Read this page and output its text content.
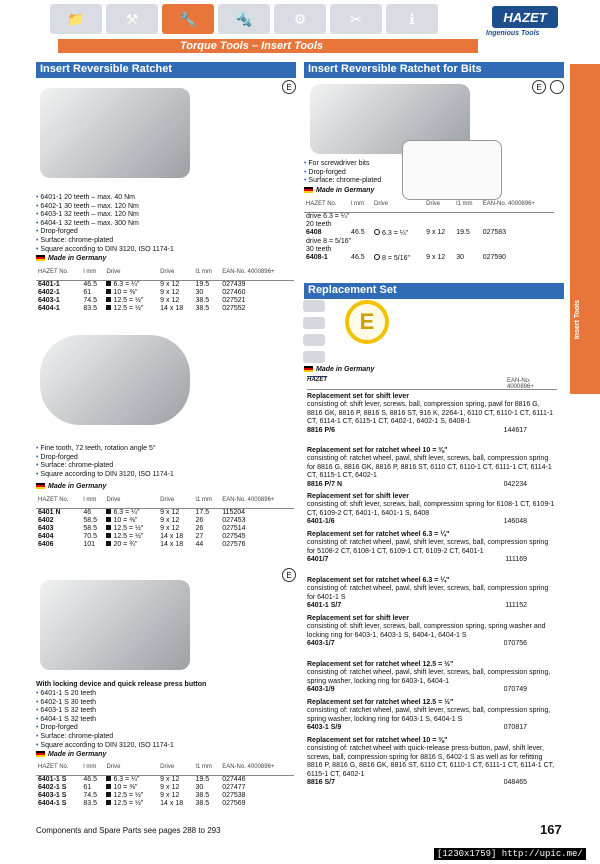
📁	⚒	🔧	🔩	⚙	✂	ℹ	HAZET
Ingenious Tools
Torque Tools – Insert Tools
Insert Tools
Insert Reversible Ratchet
E
• 6401-1 20 teeth – max. 40 Nm
• 6402-1 30 teeth – max. 120 Nm
• 6403-1 32 teeth – max. 120 Nm
• 6404-1 32 teeth – max. 300 Nm
• Drop-forged
• Surface: chrome-plated
• Square according to DIN 3120, ISO 1174-1
Made in Germany
HAZET No.	l mm	Drive	Drive	l1 mm	EAN-No. 4000896+
6401-1	46.5	6.3 = ¼"	9 x 12	19.5	027439
6402-1	61	10 = ⅜"	9 x 12	30	027460
6403-1	74.5	12.5 = ½"	9 x 12	38.5	027521
6404-1	83.5	12.5 = ½"	14 x 18	38.5	027552
• Fine tooth, 72 teeth, rotation angle 5°
• Drop-forged
• Surface: chrome-plated
• Square according to DIN 3120, ISO 1174-1
Made in Germany
HAZET No.	l mm	Drive	Drive	l1 mm	EAN-No. 4000896+
6401 N	46	6.3 = ¼"	9 x 12	17.5	115204
6402	58.5	10 = ⅜"	9 x 12	26	027453
6403	58.5	12.5 = ½"	9 x 12	26	027514
6404	70.5	12.5 = ½"	14 x 18	27	027545
6406	101	20 = ¾"	14 x 18	44	027576
E
With locking device and quick release press button
• 6401-1 S 20 teeth
• 6402-1 S 30 teeth
• 6403-1 S 32 teeth
• 6404-1 S 32 teeth
• Drop-forged
• Surface: chrome-plated
• Square according to DIN 3120, ISO 1174-1
Made in Germany
HAZET No.	l mm	Drive	Drive	l1 mm	EAN-No. 4000896+
6401-1 S	46.5	6.3 = ¼"	9 x 12	19.5	027446
6402-1 S	61	10 = ⅜"	9 x 12	30	027477
6403-1 S	74.5	12.5 = ½"	9 x 12	38.5	027538
6404-1 S	83.5	12.5 = ½"	14 x 18	38.5	027569
Insert Reversible Ratchet for Bits
E
• For screwdriver bits
• Drop-forged
• Surface: chrome-plated
Made in Germany
HAZET No.	l mm	Drive	Drive	l1 mm	EAN-No. 4000896+

drive 6.3 = ¼"
20 teeth					

6408	46.5	6.3 = ¼"	9 x 12	19.5	027583

drive 8 = 5/16"
30 teeth					

6408-1	46.5	8 = 5/16"	9 x 12	30	027590
Replacement Set
E
Made in Germany
HAZET	EAN-No. 4000896+
Replacement set for shift lever
consisting of: shift lever, screws, ball, compression spring, pawl for 8816 G, 8816 GK, 8816 P, 8816 S, 8816 ST, 916 K, 2264-1, 6110 CT, 6110-1 CT, 6111-1 CT, 6114-1 CT, 6115-1 CT, 6402-1, 6402-1 S, 6408-1
8816 P/6	144617
Replacement set for ratchet wheel 10 = ⅜"
consisting of: ratchet wheel, pawl, shift lever, screws, ball, compression spring for 8816 G, 8816 GK, 8816 P, 8816 ST, 6110 CT, 6110-1 CT, 6111-1 CT, 6114-1 CT, 6115-1 CT, 6402-1
8816 P/7 N	042234
Replacement set for shift lever
consisting of: shift lever, screws, ball, compression spring for 6108-1 CT, 6109-1 CT, 6109-2 CT, 6401-1, 6401-1 S, 6408
6401-1/6	146048
Replacement set for ratchet wheel 6.3 = ¼"
consisting of: ratchet wheel, pawl, shift lever, screws, ball, compression spring for 5108-2 CT, 6108-1 CT, 6109-1 CT, 6109-2 CT, 6401-1
6401/7	111169
Replacement set for ratchet wheel 6.3 = ¼"
consisting of: ratchet wheel, pawl, shift lever, screws, ball, compression spring for 6401-1 S
6401-1 S/7	111152
Replacement set for shift lever
consisting of: shift lever, screws, ball, compression spring, spring washer and locking ring for 6403-1, 6403-1 S, 6404-1, 6404-1 S
6403-1/7	070756
Replacement set for ratchet wheel 12.5 = ½"
consisting of: ratchet wheel, pawl, shift lever, screws, ball, compression spring, spring washer, locking ring for 6403-1, 6404-1
6403-1/9	070749
Replacement set for ratchet wheel 12.5 = ½"
consisting of: ratchet wheel, pawl, shift lever, screws, ball, compression spring, spring washer, locking ring for 6403-1 S, 6404-1 S
6403-1 S/9	070817
Replacement set for ratchet wheel 10 = ⅜"
consisting of: ratchet wheel with quick-release press-button, pawl, shift lever, screws, ball, compression spring for 8816 S, 6402-1 S as well as for refitting 8816 P, 8816 G, 8816 GK, 8816 ST, 6110 CT, 6110-1 CT, 6111-1 CT, 6114-1 CT, 6115-1 CT, 6402-1
8816 S/7	048465
Components and Spare Parts see pages 288 to 293	167
[1230x1759] http://upic.me/
